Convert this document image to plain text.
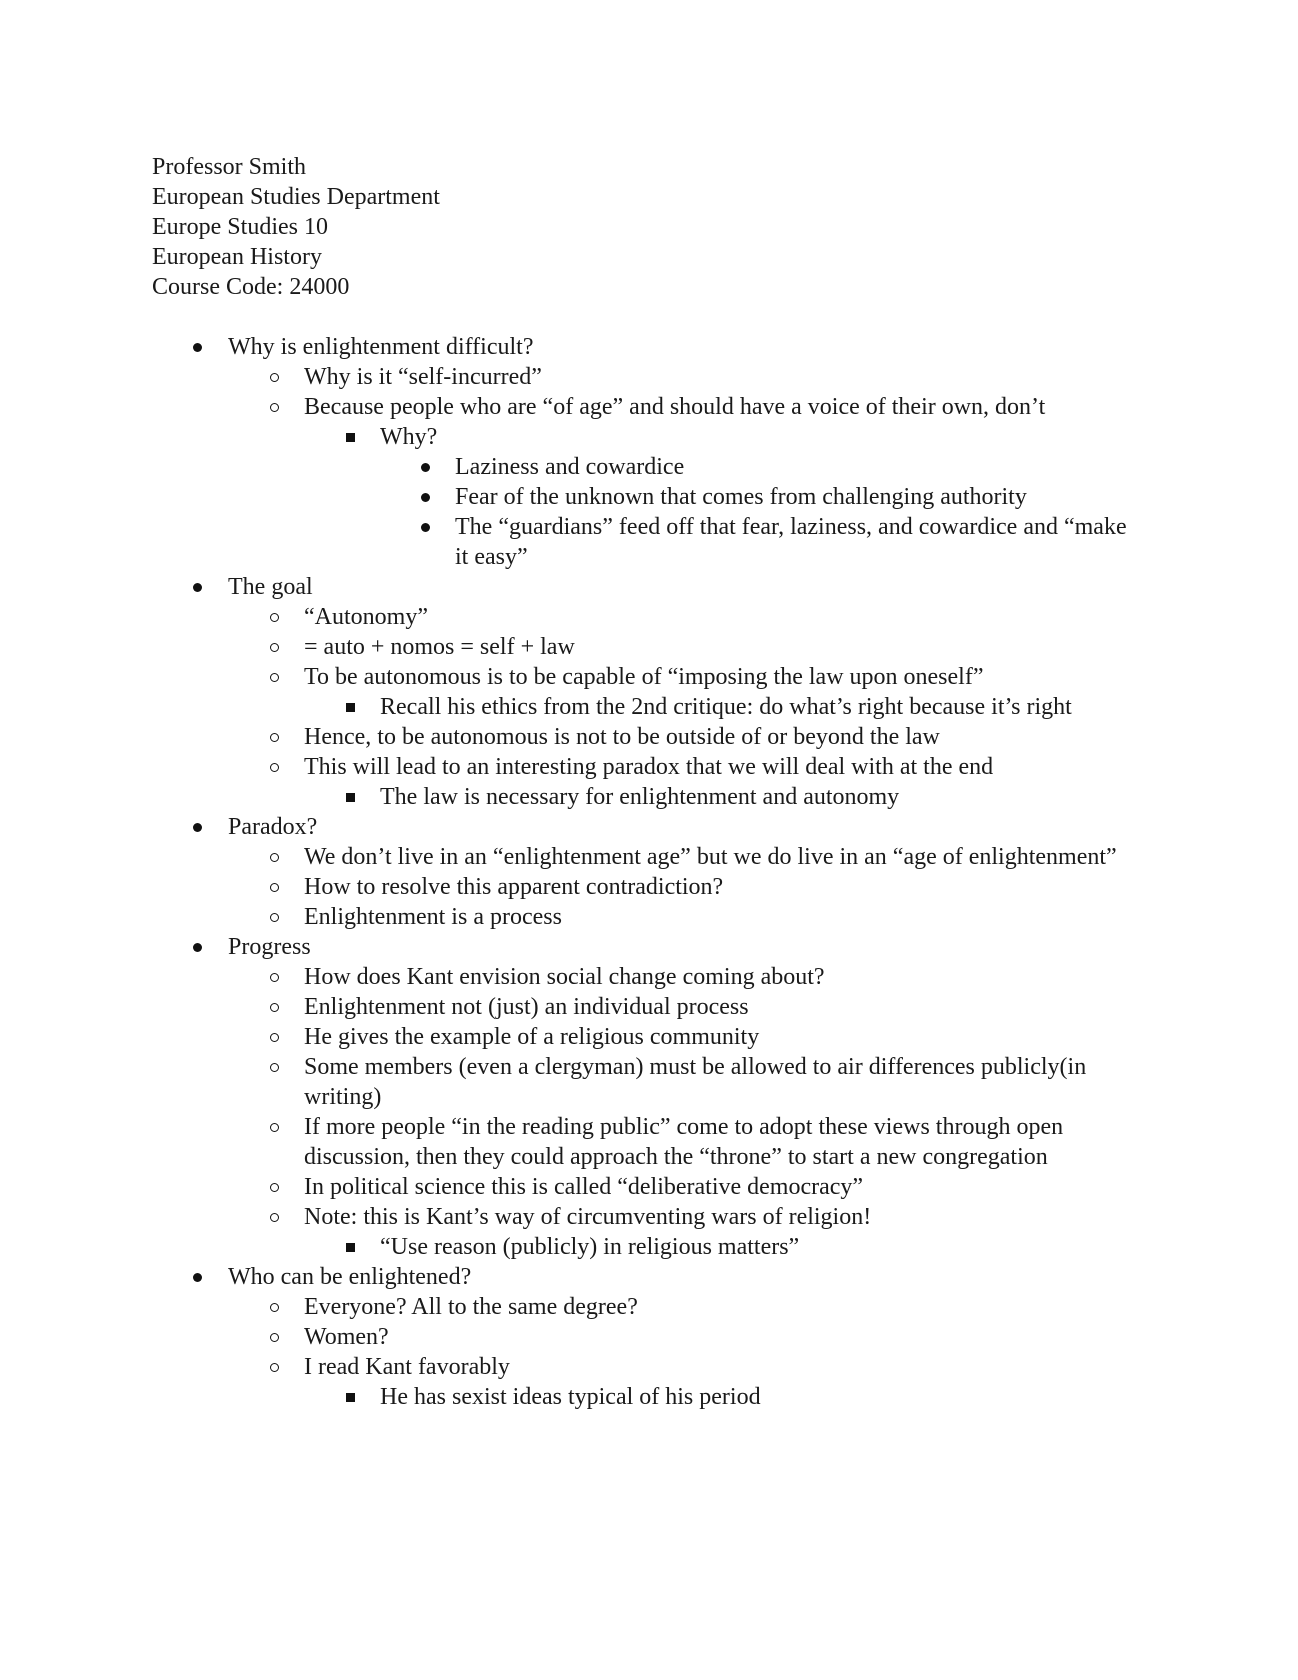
Professor Smith
European Studies Department
Europe Studies 10
European History
Course Code: 24000
Why is enlightenment difficult?
Why is it “self-incurred”
Because people who are “of age” and should have a voice of their own, don’t
Why?
Laziness and cowardice
Fear of the unknown that comes from challenging authority
The “guardians” feed off that fear, laziness, and cowardice and “make it easy”
The goal
“Autonomy”
= auto + nomos = self + law
To be autonomous is to be capable of “imposing the law upon oneself”
Recall his ethics from the 2nd critique: do what’s right because it’s right
Hence, to be autonomous is not to be outside of or beyond the law
This will lead to an interesting paradox that we will deal with at the end
The law is necessary for enlightenment and autonomy
Paradox?
We don’t live in an “enlightenment age” but we do live in an “age of enlightenment”
How to resolve this apparent contradiction?
Enlightenment is a process
Progress
How does Kant envision social change coming about?
Enlightenment not (just) an individual process
He gives the example of a religious community
Some members (even a clergyman) must be allowed to air differences publicly(in writing)
If more people “in the reading public” come to adopt these views through open discussion, then they could approach the “throne” to start a new congregation
In political science this is called “deliberative democracy”
Note: this is Kant’s way of circumventing wars of religion!
“Use reason (publicly) in religious matters”
Who can be enlightened?
Everyone? All to the same degree?
Women?
I read Kant favorably
He has sexist ideas typical of his period
